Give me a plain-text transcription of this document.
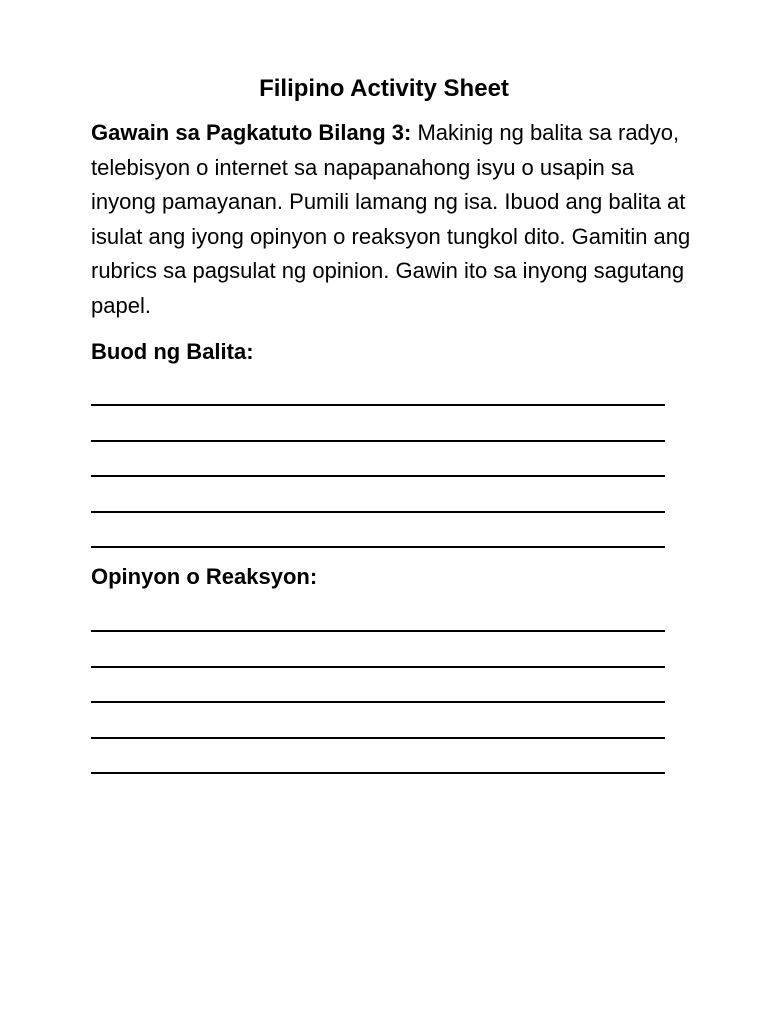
Filipino Activity Sheet
Gawain sa Pagkatuto Bilang 3: Makinig ng balita sa radyo, telebisyon o internet sa napapanahong isyu o usapin sa inyong pamayanan. Pumili lamang ng isa. Ibuod ang balita at isulat ang iyong opinyon o reaksyon tungkol dito. Gamitin ang rubrics sa pagsulat ng opinion. Gawin ito sa inyong sagutang papel.
Buod ng Balita:
Opinyon o Reaksyon:
